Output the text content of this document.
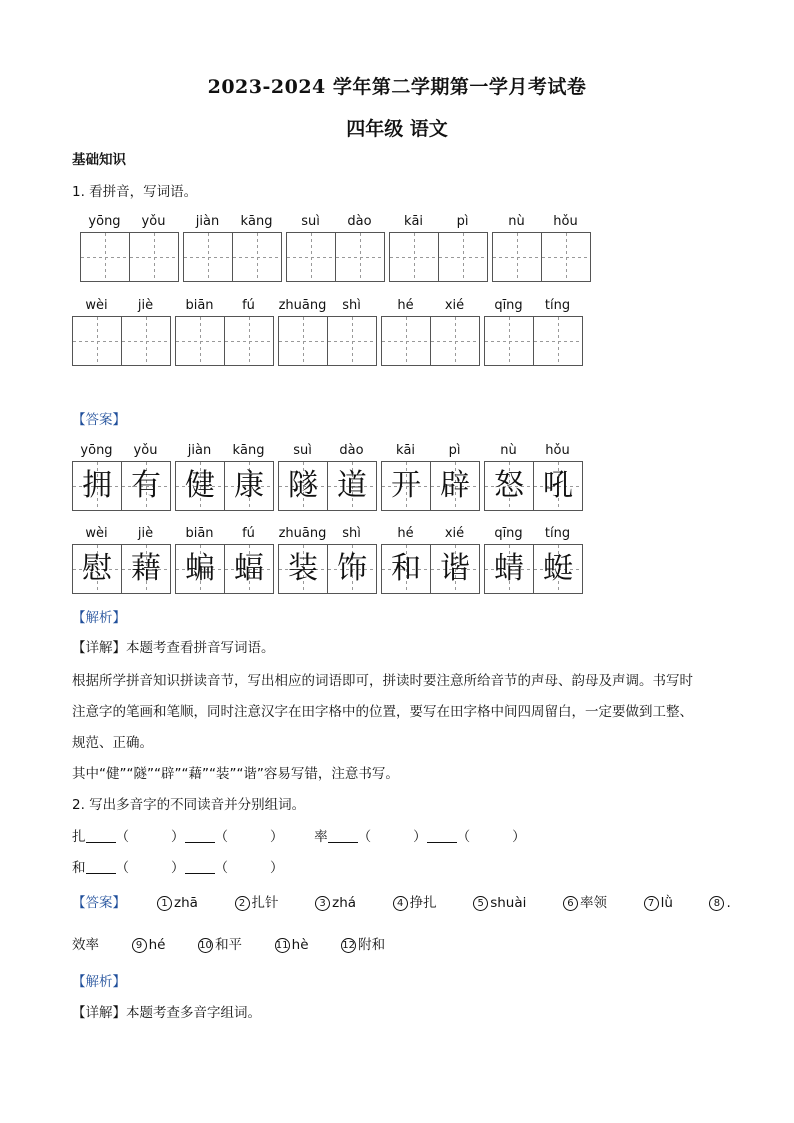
2023-2024 学年第二学期第一学月考试卷
四年级 语文
基础知识
1. 看拼音，写词语。
yōng	yǒu	jiàn	kāng	suì	dào	kāi	pì	nù	hǒu
wèi	jiè	biān	fú	zhuāng	shì	hé	xié	qīng	tíng
【答案】
yōng	yǒu
拥 有
jiàn	kāng
健 康
suì	dào
隧 道
kāi	pì
开 辟
nù	hǒu
怒 吼
wèi	jiè
慰 藉
biān	fú
蝙 蝠
zhuāng	shì
装 饰
hé	xié
和 谐
qīng	tíng
蜻 蜓
【解析】
【详解】本题考查看拼音写词语。
根据所学拼音知识拼读音节，写出相应的词语即可，拼读时要注意所给音节的声母、韵母及声调。书写时
注意字的笔画和笔顺，同时注意汉字在田字格中的位置，要写在田字格中间四周留白，一定要做到工整、
规范、正确。
其中“健”“隧”“辟”“藉”“装”“谐”容易写错，注意书写。
2. 写出多音字的不同读音并分别组词。
扎 （	） （	） 率 （	） （	）
和 （	） （	）
【答案】	1 zhā	2 扎针	3 zhá	4 挣扎	5 shuài	6 率领	7 lǜ	8 .
效率	9 hé	10 和平	11 hè	12 附和
【解析】
【详解】本题考查多音字组词。
